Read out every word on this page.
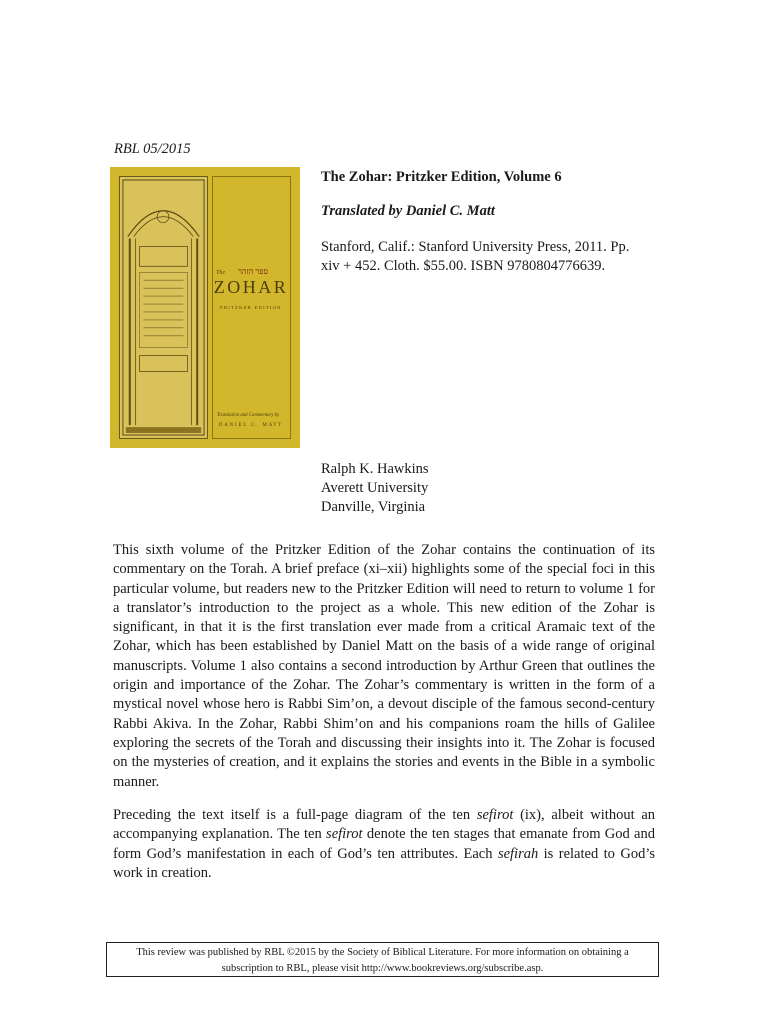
RBL 05/2015
ספר הזהר
The
ZOHAR
PRITZKER EDITION
Translation and Commentary by
DANIEL C. MATT
The Zohar: Pritzker Edition, Volume 6
Translated by Daniel C. Matt
Stanford, Calif.: Stanford University Press, 2011. Pp. xiv + 452. Cloth. $55.00. ISBN 9780804776639.
Ralph K. Hawkins
Averett University
Danville, Virginia
This sixth volume of the Pritzker Edition of the Zohar contains the continuation of its commentary on the Torah. A brief preface (xi–xii) highlights some of the special foci in this particular volume, but readers new to the Pritzker Edition will need to return to volume 1 for a translator’s introduction to the project as a whole. This new edition of the Zohar is significant, in that it is the first translation ever made from a critical Aramaic text of the Zohar, which has been established by Daniel Matt on the basis of a wide range of original manuscripts. Volume 1 also contains a second introduction by Arthur Green that outlines the origin and importance of the Zohar. The Zohar’s commentary is written in the form of a mystical novel whose hero is Rabbi Sim’on, a devout disciple of the famous second-century Rabbi Akiva. In the Zohar, Rabbi Shim’on and his companions roam the hills of Galilee exploring the secrets of the Torah and discussing their insights into it. The Zohar is focused on the mysteries of creation, and it explains the stories and events in the Bible in a symbolic manner.
Preceding the text itself is a full-page diagram of the ten sefirot (ix), albeit without an accompanying explanation. The ten sefirot denote the ten stages that emanate from God and form God’s manifestation in each of God’s ten attributes. Each sefirah is related to God’s work in creation.
This review was published by RBL ©2015 by the Society of Biblical Literature. For more information on obtaining a
subscription to RBL, please visit http://www.bookreviews.org/subscribe.asp.
